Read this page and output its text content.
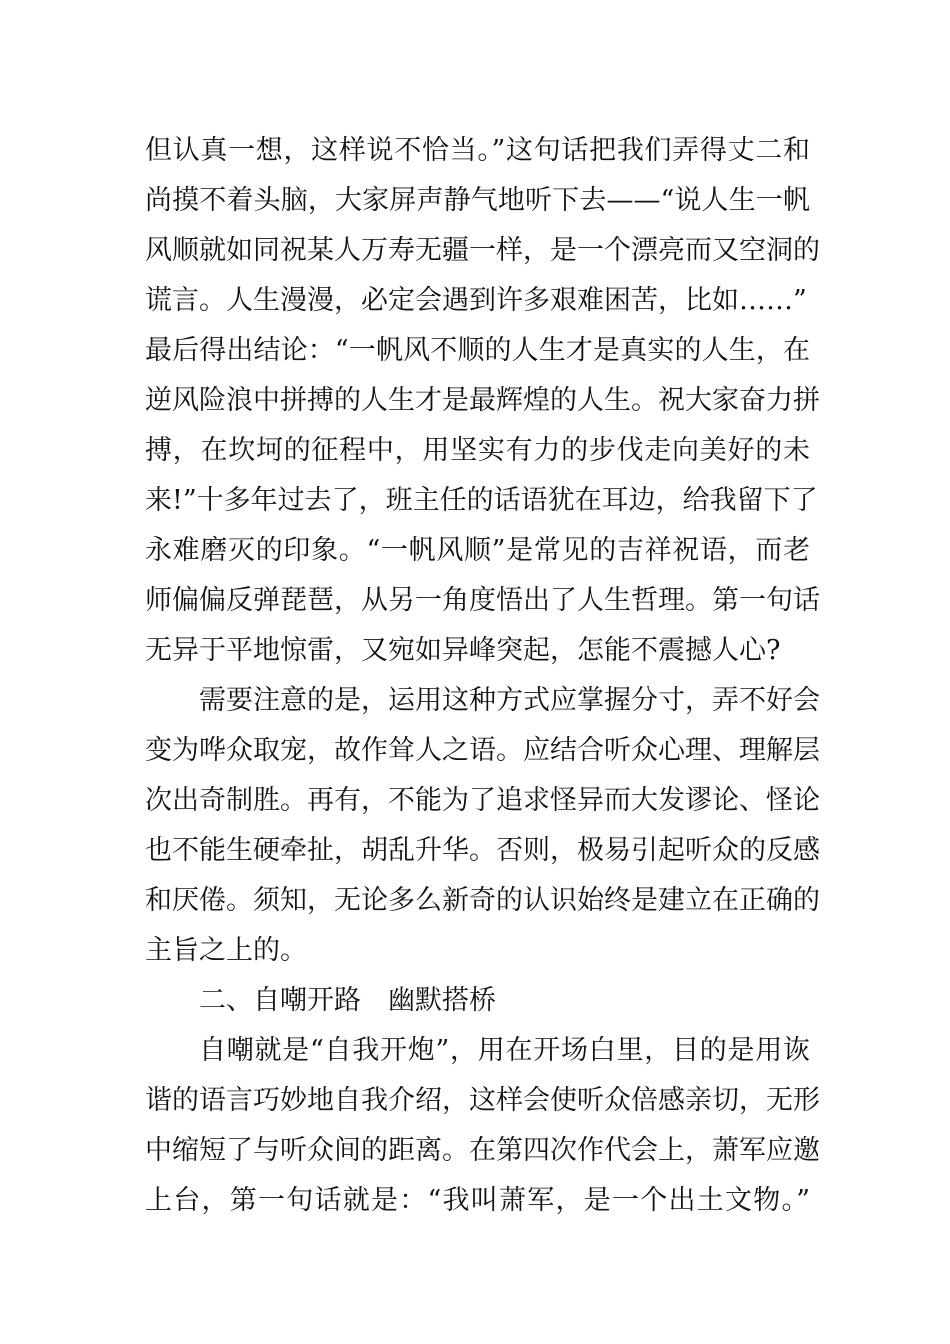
但认真一想，这样说不恰当。”这句话把我们弄得丈二和
尚摸不着头脑，大家屏声静气地听下去——“说人生一帆
风顺就如同祝某人万寿无疆一样，是一个漂亮而又空洞的
谎言。人生漫漫，必定会遇到许多艰难困苦，比如……”
最后得出结论：“一帆风不顺的人生才是真实的人生，在
逆风险浪中拼搏的人生才是最辉煌的人生。祝大家奋力拼
搏，在坎坷的征程中，用坚实有力的步伐走向美好的未
来!”十多年过去了，班主任的话语犹在耳边，给我留下了
永难磨灭的印象。“一帆风顺”是常见的吉祥祝语，而老
师偏偏反弹琵琶，从另一角度悟出了人生哲理。第一句话
无异于平地惊雷，又宛如异峰突起，怎能不震撼人心?
需要注意的是，运用这种方式应掌握分寸，弄不好会
变为哗众取宠，故作耸人之语。应结合听众心理、理解层
次出奇制胜。再有，不能为了追求怪异而大发谬论、怪论
也不能生硬牵扯，胡乱升华。否则，极易引起听众的反感
和厌倦。须知，无论多么新奇的认识始终是建立在正确的
主旨之上的。
二、自嘲开路　幽默搭桥
自嘲就是“自我开炮”，用在开场白里，目的是用诙
谐的语言巧妙地自我介绍，这样会使听众倍感亲切，无形
中缩短了与听众间的距离。在第四次作代会上，萧军应邀
上台，第一句话就是：“我叫萧军，是一个出土文物。”
